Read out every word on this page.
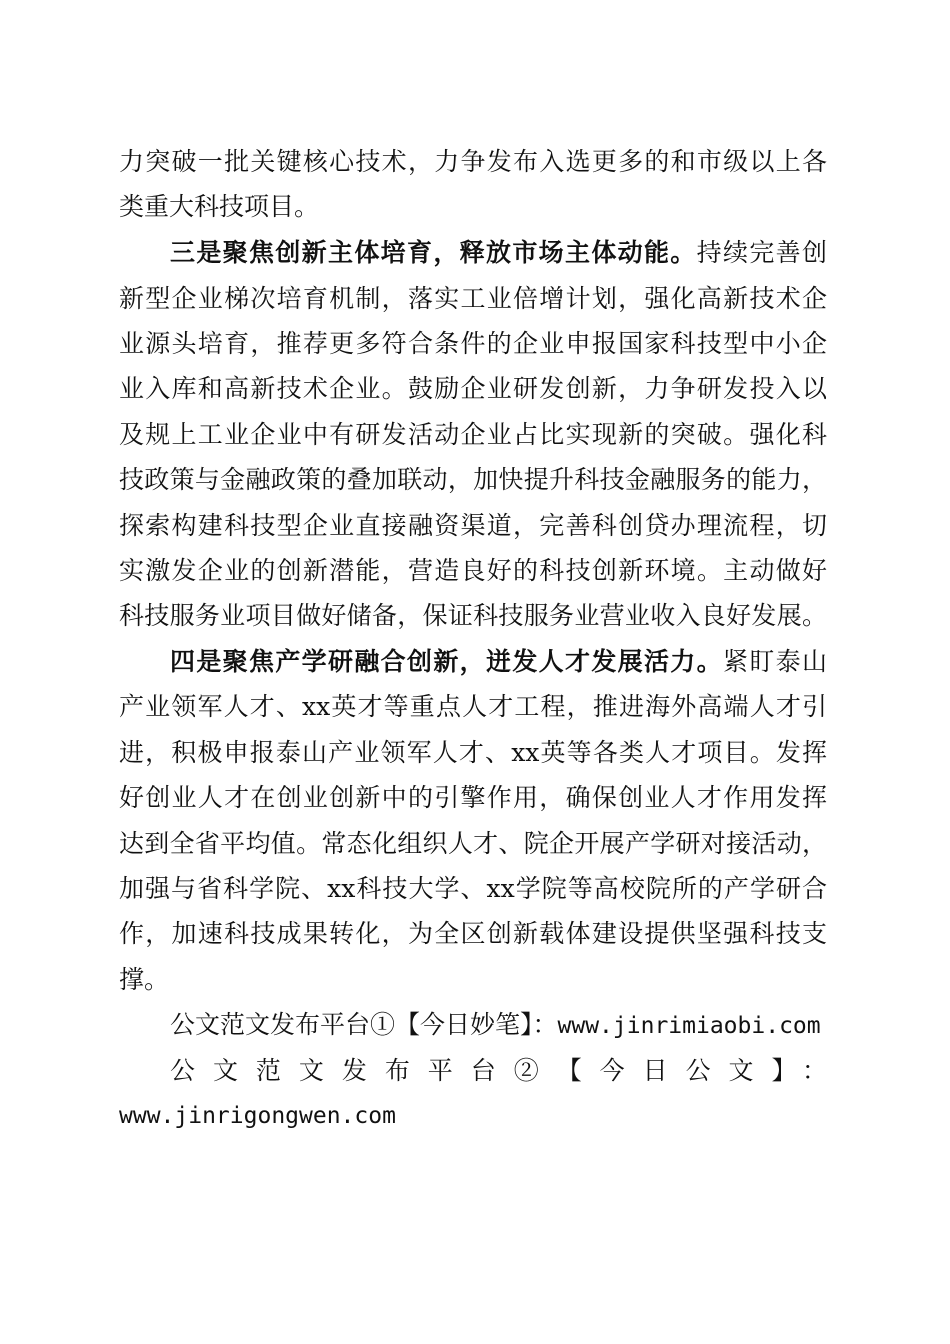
力突破一批关键核心技术，力争发布入选更多的和市级以上各
类重大科技项目。
三是聚焦创新主体培育，释放市场主体动能。持续完善创
新型企业梯次培育机制，落实工业倍增计划，强化高新技术企
业源头培育，推荐更多符合条件的企业申报国家科技型中小企
业入库和高新技术企业。鼓励企业研发创新，力争研发投入以
及规上工业企业中有研发活动企业占比实现新的突破。强化科
技政策与金融政策的叠加联动，加快提升科技金融服务的能力，
探索构建科技型企业直接融资渠道，完善科创贷办理流程，切
实激发企业的创新潜能，营造良好的科技创新环境。主动做好
科技服务业项目做好储备，保证科技服务业营业收入良好发展。
四是聚焦产学研融合创新，迸发人才发展活力。紧盯泰山
产业领军人才、xx英才等重点人才工程，推进海外高端人才引
进，积极申报泰山产业领军人才、xx英等各类人才项目。发挥
好创业人才在创业创新中的引擎作用，确保创业人才作用发挥
达到全省平均值。常态化组织人才、院企开展产学研对接活动，
加强与省科学院、xx科技大学、xx学院等高校院所的产学研合
作，加速科技成果转化，为全区创新载体建设提供坚强科技支
撑。
公文范文发布平台①【今日妙笔】：www.jinrimiaobi.com
公文范文发布平台②【今日公文】：
www.jinrigongwen.com
